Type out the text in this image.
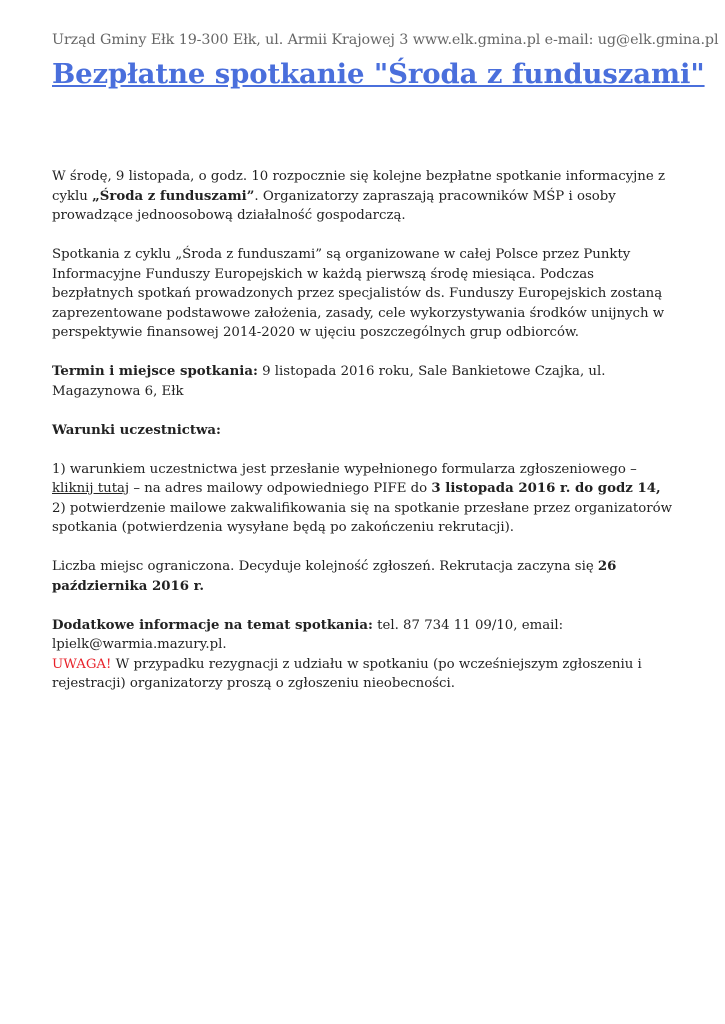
Urząd Gminy Ełk 19-300 Ełk, ul. Armii Krajowej 3 www.elk.gmina.pl e-mail: ug@elk.gmina.pl
Bezpłatne spotkanie "Środa z funduszami"

W środę, 9 listopada, o godz. 10 rozpocznie się kolejne bezpłatne spotkanie informacyjne z cyklu „Środa z funduszami”. Organizatorzy zapraszają pracowników MŚP i osoby prowadzące jednoosobową działalność gospodarczą.

Spotkania z cyklu „Środa z funduszami” są organizowane w całej Polsce przez Punkty Informacyjne Funduszy Europejskich w każdą pierwszą środę miesiąca. Podczas bezpłatnych spotkań prowadzonych przez specjalistów ds. Funduszy Europejskich zostaną zaprezentowane podstawowe założenia, zasady, cele wykorzystywania środków unijnych w perspektywie finansowej 2014-2020 w ujęciu poszczególnych grup odbiorców.

Termin i miejsce spotkania: 9 listopada 2016 roku, Sale Bankietowe Czajka, ul. Magazynowa 6, Ełk

Warunki uczestnictwa:

1) warunkiem uczestnictwa jest przesłanie wypełnionego formularza zgłoszeniowego – kliknij tutaj – na adres mailowy odpowiedniego PIFE do 3 listopada 2016 r. do godz 14,
2) potwierdzenie mailowe zakwalifikowania się na spotkanie przesłane przez organizatorów spotkania (potwierdzenia wysyłane będą po zakończeniu rekrutacji).

Liczba miejsc ograniczona. Decyduje kolejność zgłoszeń. Rekrutacja zaczyna się 26 października 2016 r.

Dodatkowe informacje na temat spotkania: tel. 87 734 11 09/10, email: lpielk@warmia.mazury.pl.
UWAGA! W przypadku rezygnacji z udziału w spotkaniu (po wcześniejszym zgłoszeniu i rejestracji) organizatorzy proszą o zgłoszeniu nieobecności.
